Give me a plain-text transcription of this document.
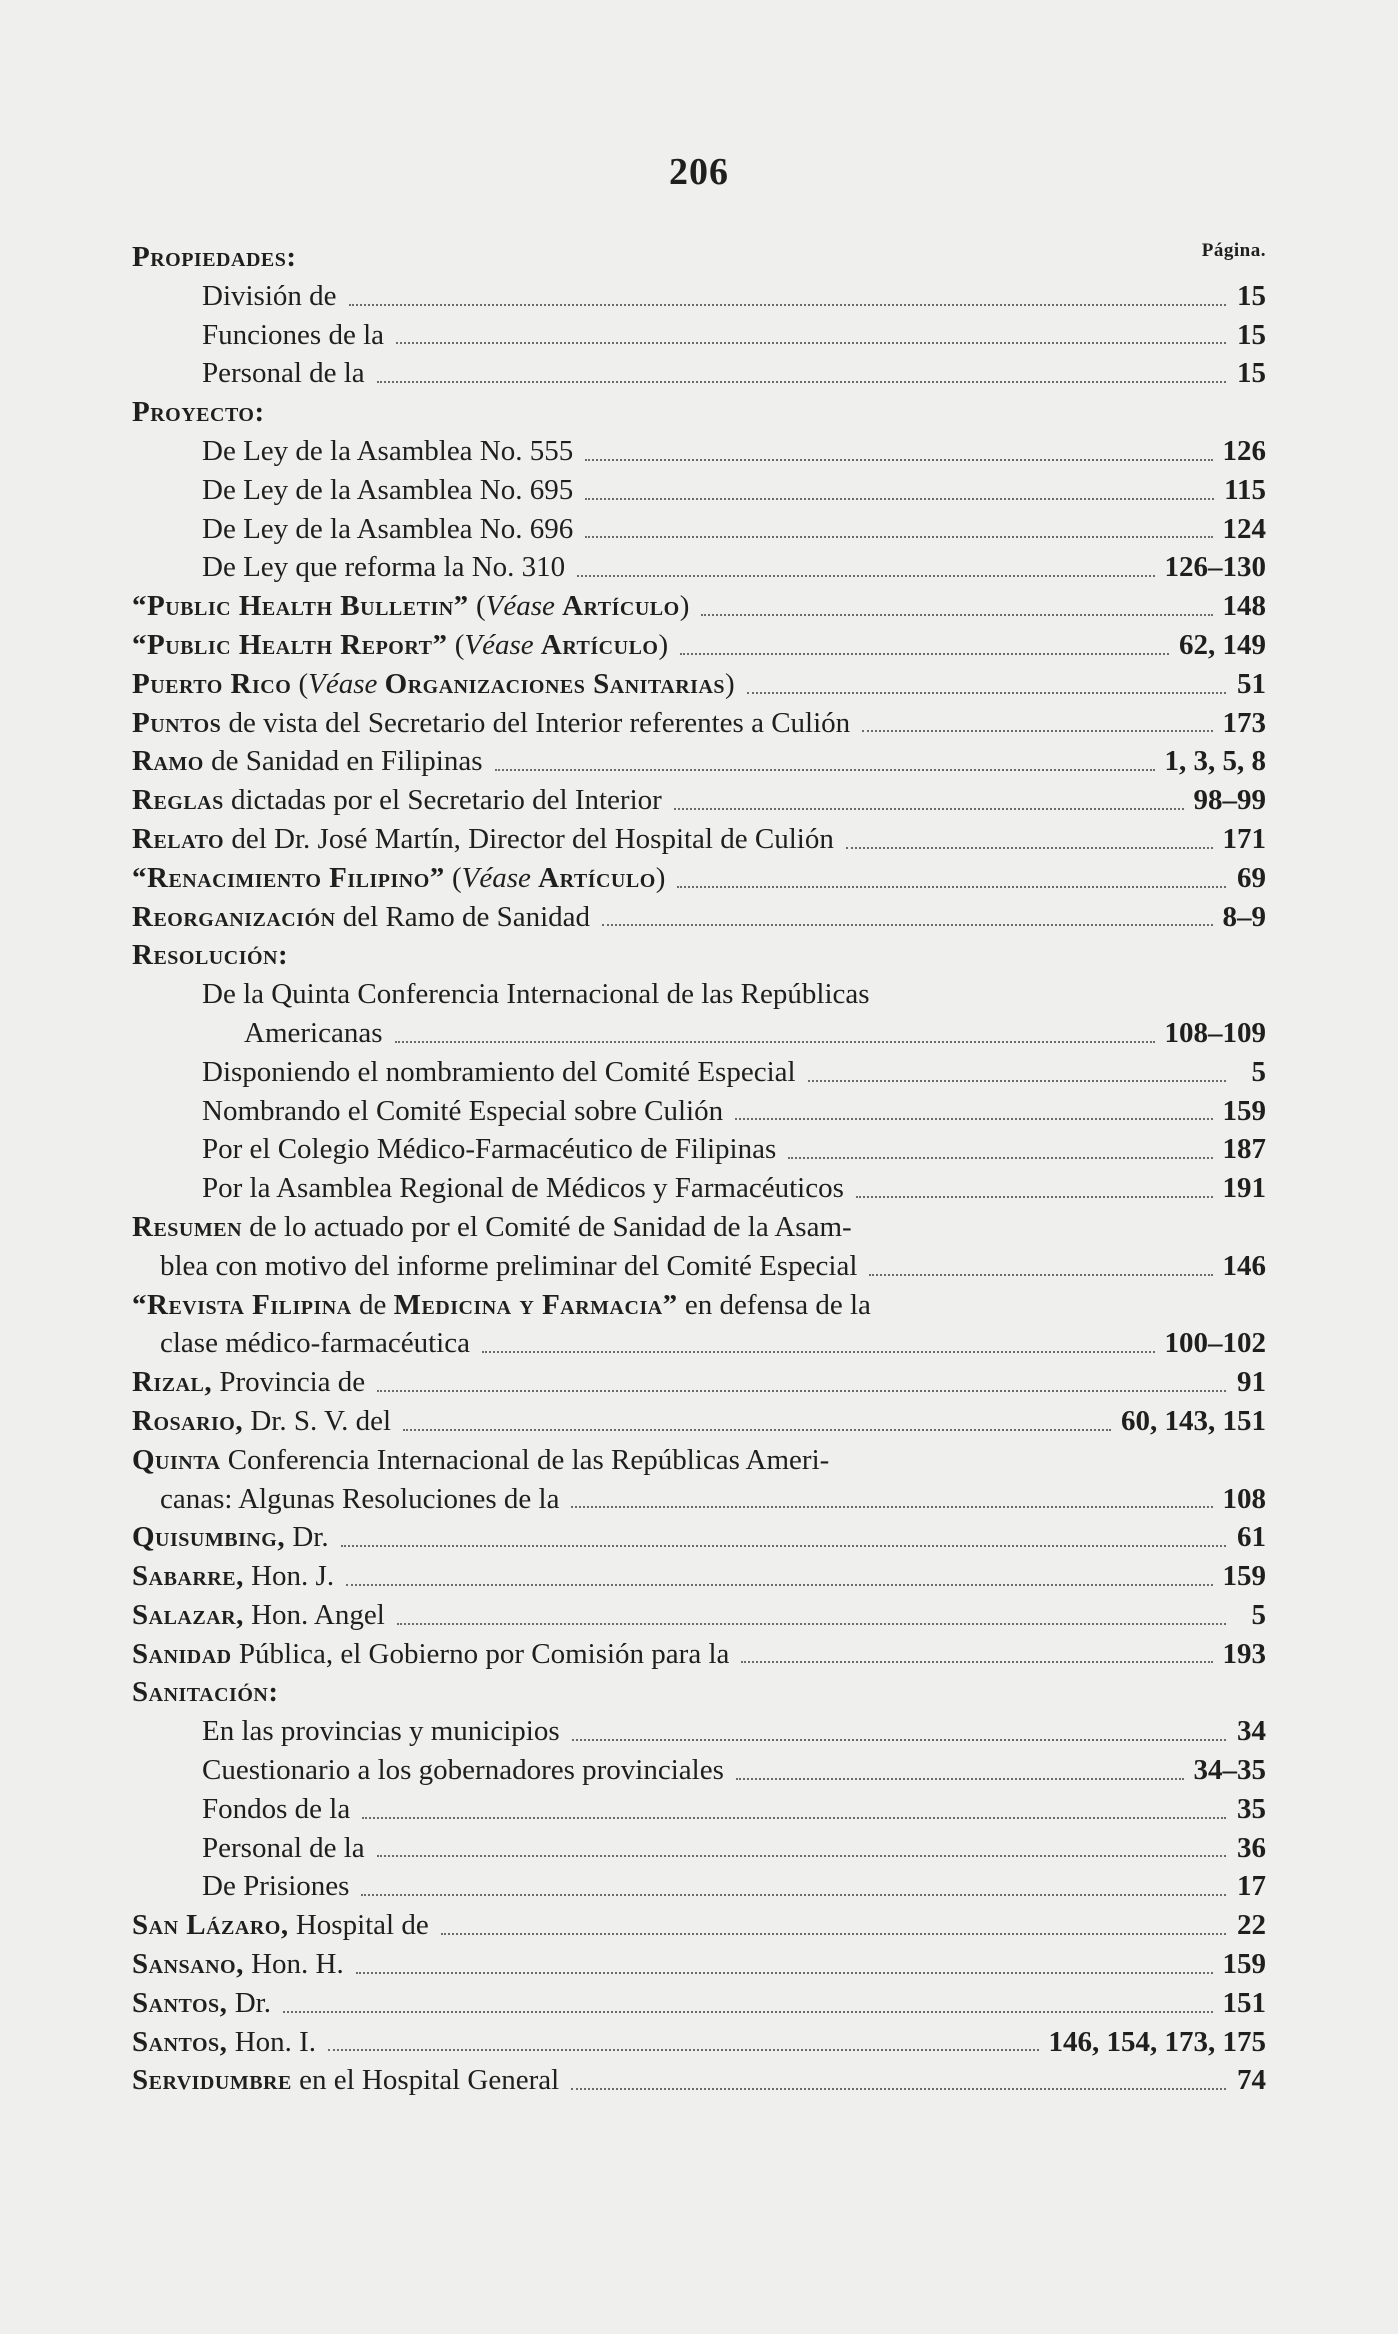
206
Página.
Propiedades:
División de	15
Funciones de la	15
Personal de la	15
Proyecto:
De Ley de la Asamblea No. 555	126
De Ley de la Asamblea No. 695	115
De Ley de la Asamblea No. 696	124
De Ley que reforma la No. 310	126–130
“Public Health Bulletin” (Véase Artículo)	148
“Public Health Report” (Véase Artículo)	62, 149
Puerto Rico (Véase Organizaciones Sanitarias)	51
Puntos de vista del Secretario del Interior referentes a Culión	173
Ramo de Sanidad en Filipinas	1, 3, 5, 8
Reglas dictadas por el Secretario del Interior	98–99
Relato del Dr. José Martín, Director del Hospital de Culión	171
“Renacimiento Filipino” (Véase Artículo)	69
Reorganización del Ramo de Sanidad	8–9
Resolución:
De la Quinta Conferencia Internacional de las Repúblicas
Americanas	108–109
Disponiendo el nombramiento del Comité Especial	5
Nombrando el Comité Especial sobre Culión	159
Por el Colegio Médico-Farmacéutico de Filipinas	187
Por la Asamblea Regional de Médicos y Farmacéuticos	191
Resumen de lo actuado por el Comité de Sanidad de la Asam-
blea con motivo del informe preliminar del Comité Especial	146
“Revista Filipina de Medicina y Farmacia” en defensa de la
clase médico-farmacéutica	100–102
Rizal, Provincia de	91
Rosario, Dr. S. V. del	60, 143, 151
Quinta Conferencia Internacional de las Repúblicas Ameri-
canas: Algunas Resoluciones de la	108
Quisumbing, Dr.	61
Sabarre, Hon. J.	159
Salazar, Hon. Angel	5
Sanidad Pública, el Gobierno por Comisión para la	193
Sanitación:
En las provincias y municipios	34
Cuestionario a los gobernadores provinciales	34–35
Fondos de la	35
Personal de la	36
De Prisiones	17
San Lázaro, Hospital de	22
Sansano, Hon. H.	159
Santos, Dr.	151
Santos, Hon. I.	146, 154, 173, 175
Servidumbre en el Hospital General	74
